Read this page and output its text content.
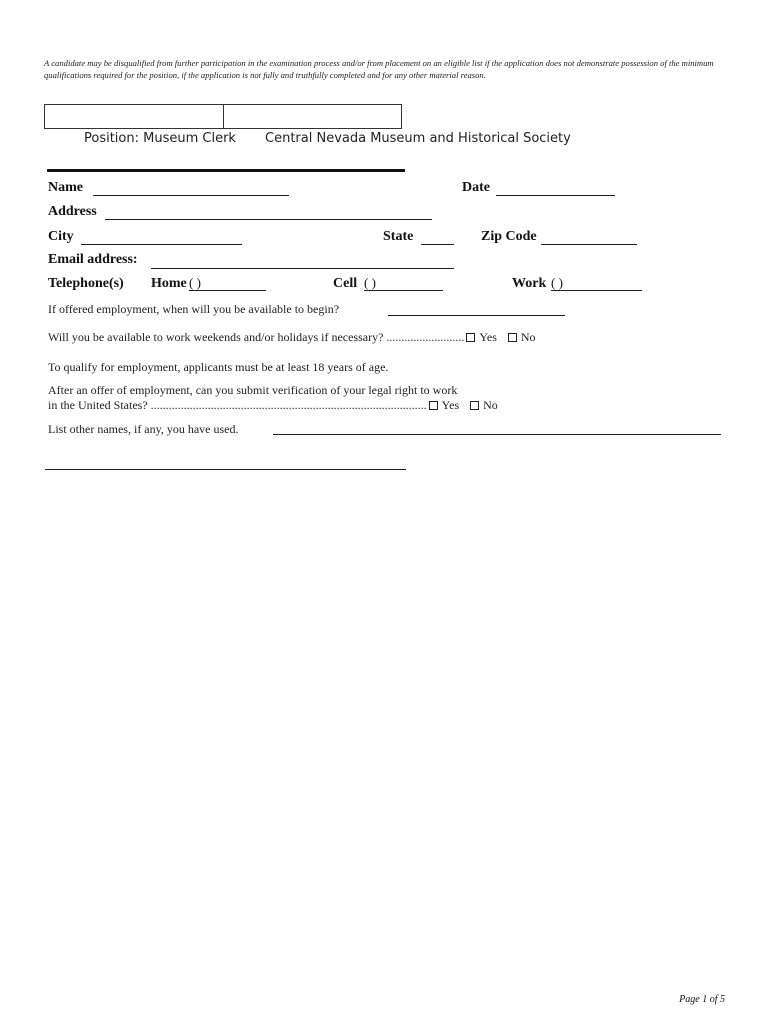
A candidate may be disqualified from further participation in the examination process and/or from placement on an eligible list if the application does not demonstrate possession of the minimum qualifications required for the position, if the application is not fully and truthfully completed and for any other material reason.
Position: Museum Clerk Central Nevada Museum and Historical Society
Name	Date
Address
City	State	Zip Code
Email address:
Telephone(s) Home ( )	Cell ( )	Work ( )
If offered employment, when will you be available to begin?
Will you be available to work weekends and/or holidays if necessary? .......................... Yes No
To qualify for employment, applicants must be at least 18 years of age.
After an offer of employment, can you submit verification of your legal right to work
in the United States? ............................................................................................ Yes No
List other names, if any, you have used.
Page 1 of 5
